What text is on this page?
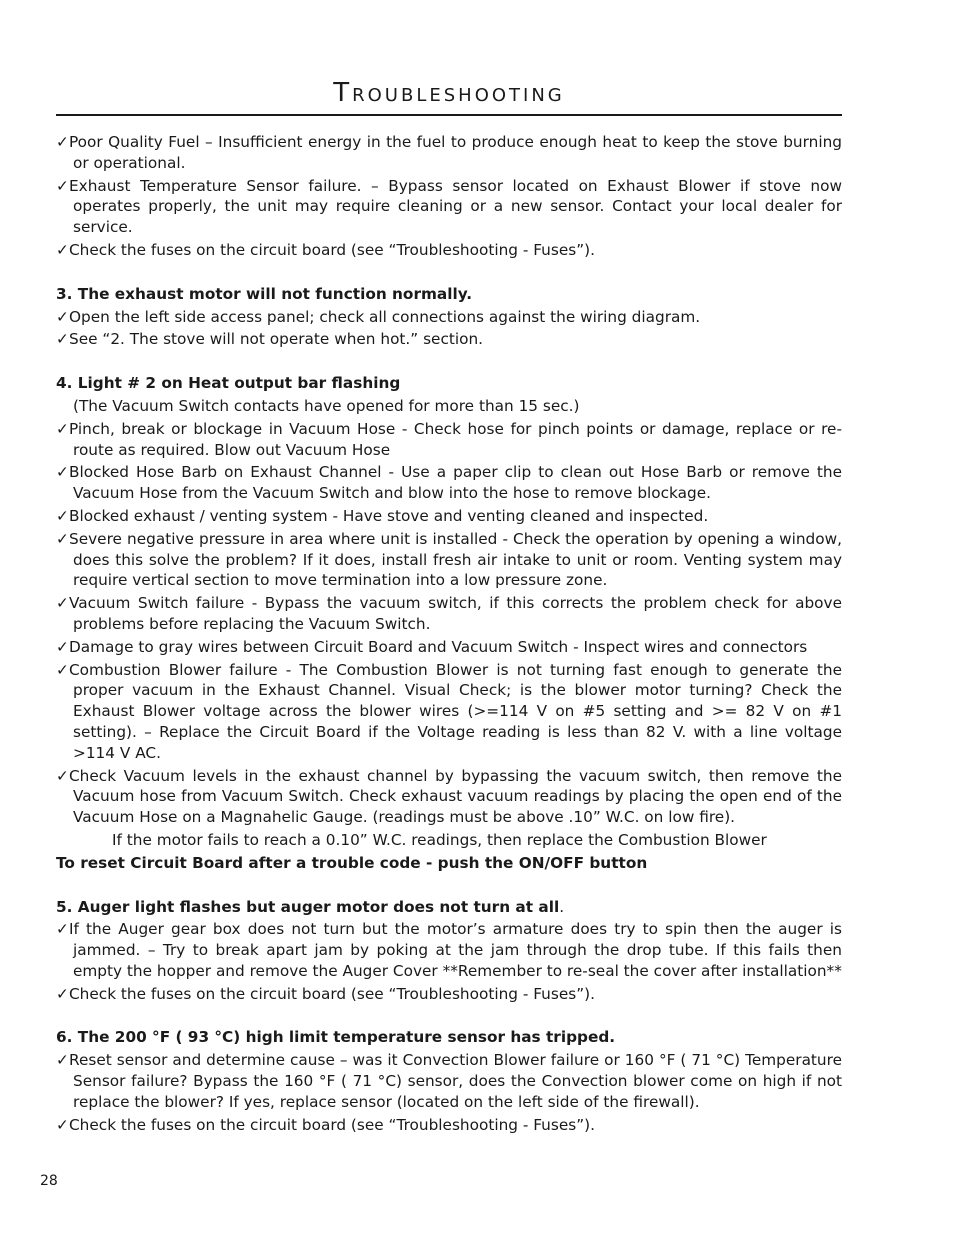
Troubleshooting

✓Poor Quality Fuel – Insufficient energy in the fuel to produce enough heat to keep the stove burning or operational.

✓Exhaust Temperature Sensor failure. – Bypass sensor located on Exhaust Blower if stove now operates properly, the unit may require cleaning or a new sensor. Contact your local dealer for service.

✓Check the fuses on the circuit board (see “Troubleshooting - Fuses”).

3. The exhaust motor will not function normally.

✓Open the left side access panel; check all connections against the wiring diagram.

✓See “2. The stove will not operate when hot.” section.

4. Light # 2 on Heat output bar flashing

(The Vacuum Switch contacts have opened for more than 15 sec.)

✓Pinch, break or blockage in Vacuum Hose - Check hose for pinch points or damage, replace or re-route as required. Blow out Vacuum Hose

✓Blocked Hose Barb on Exhaust Channel - Use a paper clip to clean out Hose Barb or remove the Vacuum Hose from the Vacuum Switch and blow into the hose to remove blockage.

✓Blocked exhaust / venting system - Have stove and venting cleaned and inspected.

✓Severe negative pressure in area where unit is installed - Check the operation by opening a window, does this solve the problem? If it does, install fresh air intake to unit or room. Venting system may require vertical section to move termination into a low pressure zone.

✓Vacuum Switch failure - Bypass the vacuum switch, if this corrects the problem check for above problems before replacing the Vacuum Switch.

✓Damage to gray wires between Circuit Board and Vacuum Switch - Inspect wires and connectors

✓Combustion Blower failure - The Combustion Blower is not turning fast enough to generate the proper vacuum in the Exhaust Channel. Visual Check; is the blower motor turning? Check the Exhaust Blower voltage across the blower wires (>=114 V on #5 setting and >= 82 V on #1 setting). – Replace the Circuit Board if the Voltage reading is less than 82 V. with a line voltage >114 V AC.

✓Check Vacuum levels in the exhaust channel by bypassing the vacuum switch, then remove the Vacuum hose from Vacuum Switch. Check exhaust vacuum readings by placing the open end of the Vacuum Hose on a Magnahelic Gauge. (readings must be above .10” W.C. on low fire).

If the motor fails to reach a 0.10” W.C. readings, then replace the Combustion Blower

To reset Circuit Board after a trouble code - push the ON/OFF button

5. Auger light flashes but auger motor does not turn at all.

✓If the Auger gear box does not turn but the motor’s armature does try to spin then the auger is jammed. – Try to break apart jam by poking at the jam through the drop tube. If this fails then empty the hopper and remove the Auger Cover **Remember to re-seal the cover after installation**

✓Check the fuses on the circuit board (see “Troubleshooting - Fuses”).

6. The 200 °F ( 93 °C) high limit temperature sensor has tripped.

✓Reset sensor and determine cause – was it Convection Blower failure or 160 °F ( 71 °C) Temperature Sensor failure? Bypass the 160 °F ( 71 °C) sensor, does the Convection blower come on high if not replace the blower? If yes, replace sensor (located on the left side of the firewall).

✓Check the fuses on the circuit board (see “Troubleshooting - Fuses”).

28
